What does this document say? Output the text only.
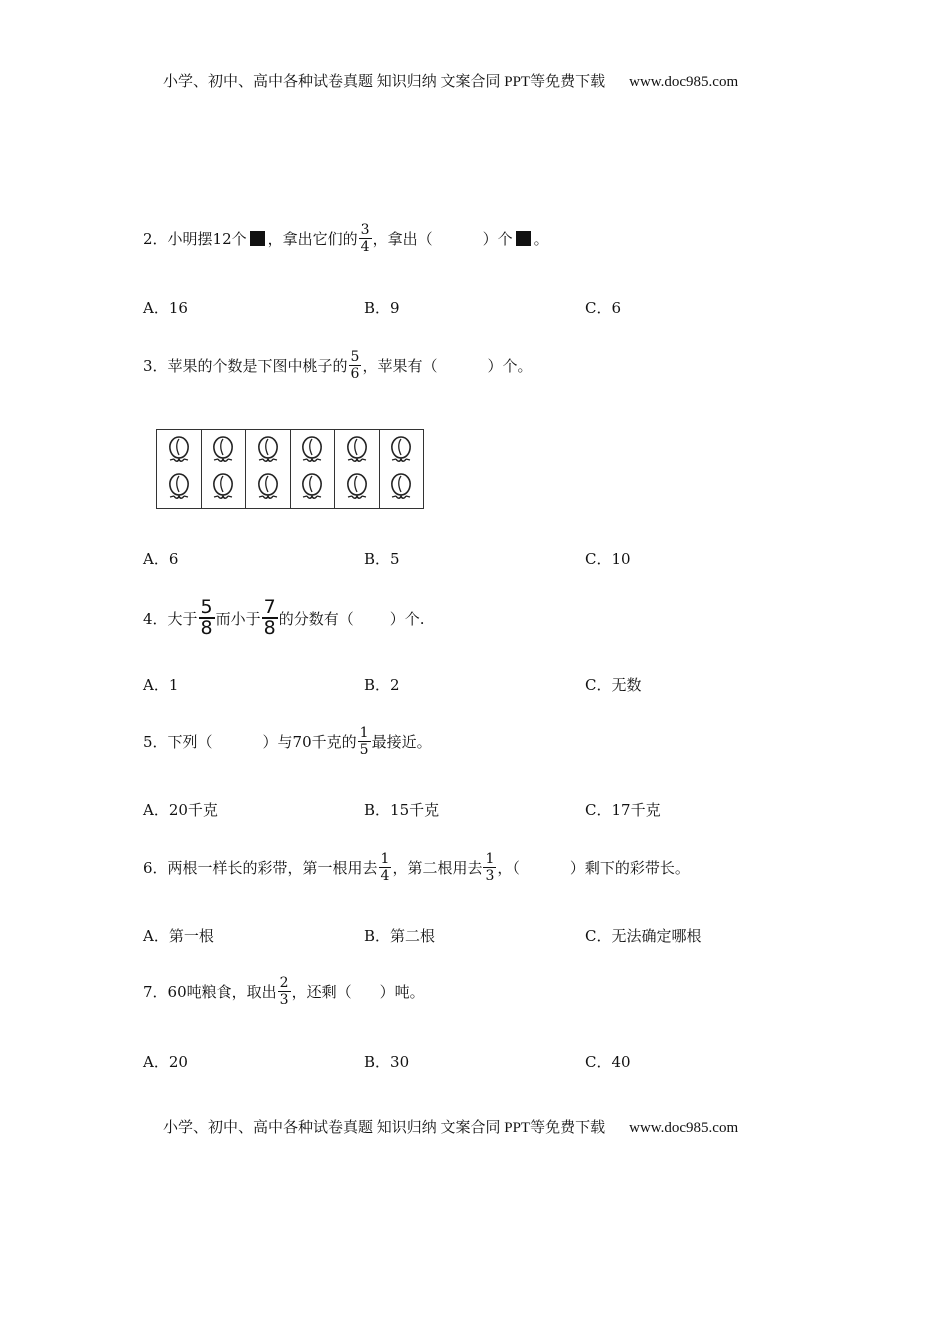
小学、初中、高中各种试卷真题 知识归纳 文案合同 PPT等免费下载 www.doc985.com
2．小明摆12个 ，拿出它们的 $\frac{3}{4}$ ，拿出（	）个 。
A．16	B．9	C．6
3．苹果的个数是下图中桃子的 $\frac{5}{6}$ ，苹果有（	）个。
A．6	B．5	C．10
4．大于 $\frac{5}{8}$ 而小于 $\frac{7}{8}$ 的分数有（ ）个.
A．1	B．2	C．无数
5．下列（	）与70千克的 $\frac{1}{5}$ 最接近。
A．20千克	B．15千克	C．17千克
6．两根一样长的彩带，第一根用去 $\frac{1}{4}$ ，第二根用去 $\frac{1}{3}$ ，（	）剩下的彩带长。
A．第一根	B．第二根	C．无法确定哪根
7．60吨粮食，取出 $\frac{2}{3}$ ，还剩（ ）吨。
A．20	B．30	C．40
小学、初中、高中各种试卷真题 知识归纳 文案合同 PPT等免费下载 www.doc985.com
